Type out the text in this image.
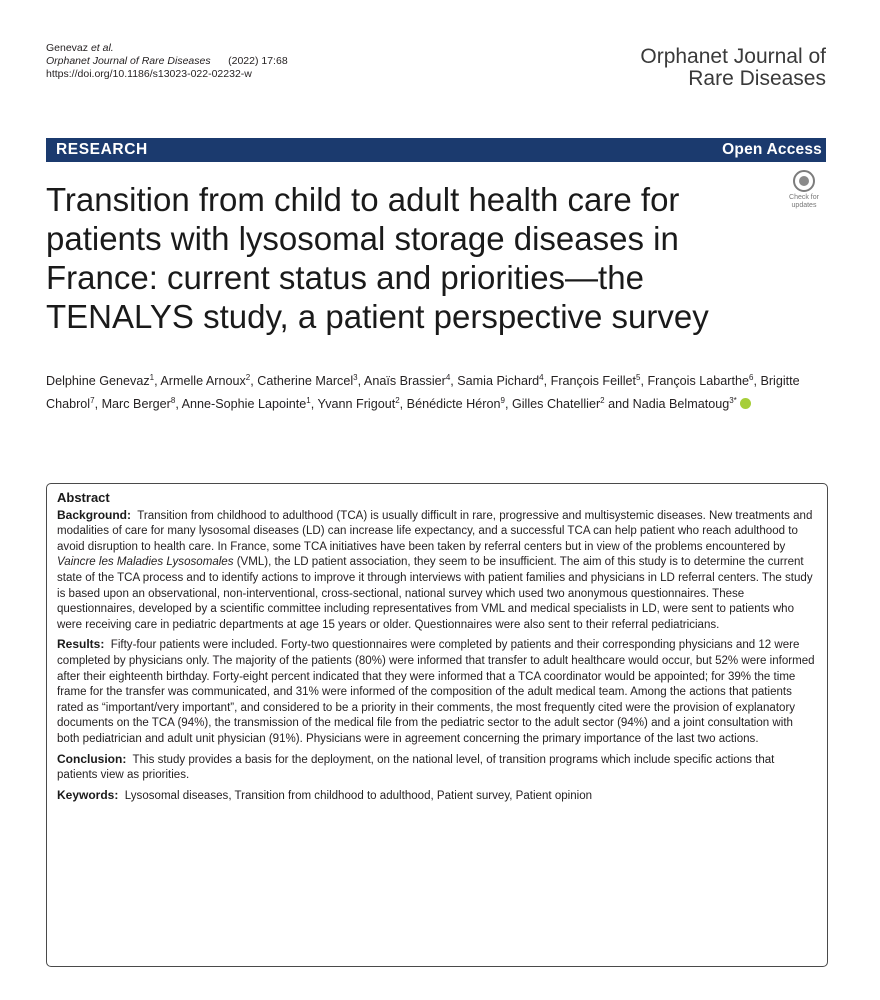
Genevaz et al.
Orphanet Journal of Rare Diseases (2022) 17:68
https://doi.org/10.1186/s13023-022-02232-w
Orphanet Journal of
Rare Diseases
RESEARCH	Open Access
Transition from child to adult health care for patients with lysosomal storage diseases in France: current status and priorities—the TENALYS study, a patient perspective survey
Check for
updates
Delphine Genevaz$^1$, Armelle Arnoux$^2$, Catherine Marcel$^3$, Anaïs Brassier$^4$, Samia Pichard$^4$, François Feillet$^5$, François Labarthe$^6$, Brigitte Chabrol$^7$, Marc Berger$^8$, Anne-Sophie Lapointe$^1$, Yvann Frigout$^2$, Bénédicte Héron$^9$, Gilles Chatellier$^2$ and Nadia Belmatoug$^{3*}$
Abstract

Background: Transition from childhood to adulthood (TCA) is usually difficult in rare, progressive and multisystemic diseases. New treatments and modalities of care for many lysosomal diseases (LD) can increase life expectancy, and a successful TCA can help patient who reach adulthood to avoid disruption to health care. In France, some TCA initiatives have been taken by referral centers but in view of the problems encountered by Vaincre les Maladies Lysosomales (VML), the LD patient association, they seem to be insufficient. The aim of this study is to determine the current state of the TCA process and to identify actions to improve it through interviews with patient families and physicians in LD referral centers. The study is based upon an observational, non-interventional, cross-sectional, national survey which used two anonymous questionnaires. These questionnaires, developed by a scientific committee including representatives from VML and medical specialists in LD, were sent to patients who were receiving care in pediatric departments at age 15 years or older. Questionnaires were also sent to their referral pediatricians.

Results: Fifty-four patients were included. Forty-two questionnaires were completed by patients and their corresponding physicians and 12 were completed by physicians only. The majority of the patients (80%) were informed that transfer to adult healthcare would occur, but 52% were informed after their eighteenth birthday. Forty-eight percent indicated that they were informed that a TCA coordinator would be appointed; for 39% the time frame for the transfer was communicated, and 31% were informed of the composition of the adult medical team. Among the actions that patients rated as “important/very important”, and considered to be a priority in their comments, the most frequently cited were the provision of explanatory documents on the TCA (94%), the transmission of the medical file from the pediatric sector to the adult sector (94%) and a joint consultation with both pediatrician and adult unit physician (91%). Physicians were in agreement concerning the primary importance of the last two actions.

Conclusion: This study provides a basis for the deployment, on the national level, of transition programs which include specific actions that patients view as priorities.

Keywords: Lysosomal diseases, Transition from childhood to adulthood, Patient survey, Patient opinion
